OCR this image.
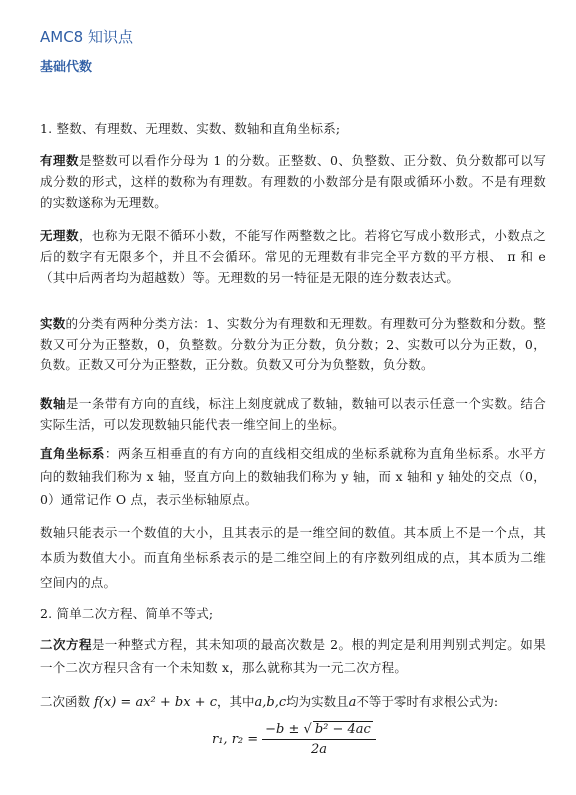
AMC8 知识点
基础代数

1. 整数、有理数、无理数、实数、数轴和直角坐标系;

有理数是整数可以看作分母为 1 的分数。正整数、0、负整数、正分数、负分数都可以写成分数的形式，这样的数称为有理数。有理数的小数部分是有限或循环小数。不是有理数的实数遂称为无理数。

无理数，也称为无限不循环小数，不能写作两整数之比。若将它写成小数形式，小数点之后的数字有无限多个，并且不会循环。常见的无理数有非完全平方数的平方根、 π 和 e（其中后两者均为超越数）等。无理数的另一特征是无限的连分数表达式。

实数的分类有两种分类方法：1、实数分为有理数和无理数。有理数可分为整数和分数。整数又可分为正整数，0，负整数。分数分为正分数，负分数；2、实数可以分为正数，0，负数。正数又可分为正整数，正分数。负数又可分为负整数，负分数。

数轴是一条带有方向的直线，标注上刻度就成了数轴，数轴可以表示任意一个实数。结合实际生活，可以发现数轴只能代表一维空间上的坐标。

直角坐标系：两条互相垂直的有方向的直线相交组成的坐标系就称为直角坐标系。水平方向的数轴我们称为 x 轴，竖直方向上的数轴我们称为 y 轴，而 x 轴和 y 轴处的交点（0，0）通常记作 O 点，表示坐标轴原点。

数轴只能表示一个数值的大小，且其表示的是一维空间的数值。其本质上不是一个点，其本质为数值大小。而直角坐标系表示的是二维空间上的有序数列组成的点，其本质为二维空间内的点。

2. 简单二次方程、简单不等式;

二次方程是一种整式方程，其未知项的最高次数是 2。根的判定是利用判别式判定。如果一个二次方程只含有一个未知数 x，那么就称其为一元二次方程。

二次函数 f(x) = ax² + bx + c，其中a,b,c均为实数且a不等于零时有求根公式为:
r₁, $r_2 = \frac{\text{−b ± √ b² − 4ac}}{2a}$
